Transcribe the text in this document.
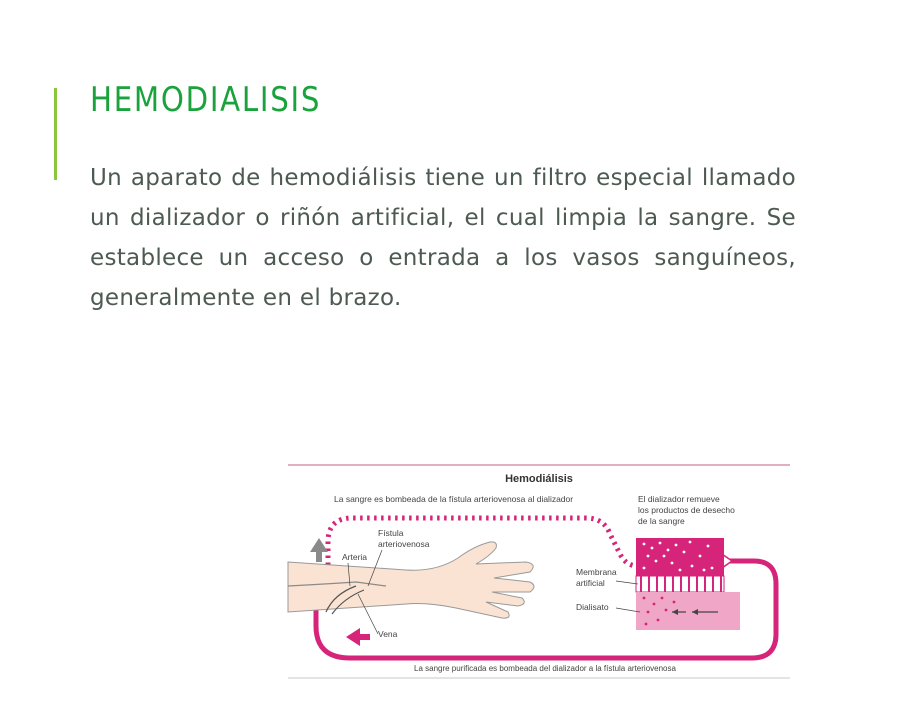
HEMODIALISIS

Un aparato de hemodiálisis tiene un filtro especial llamado un dializador o riñón artificial, el cual limpia la sangre. Se establece un acceso o entrada a los vasos sanguíneos, generalmente en el brazo.

Hemodiálisis
La sangre es bombeada de la fístula arteriovenosa al dializador	El dializador remueve
los productos de desecho
de la sangre
Membrana
artificial
Dialisato
Arteria
Fístula
arteriovenosa
Vena
La sangre purificada es bombeada del dializador a la fístula arteriovenosa
